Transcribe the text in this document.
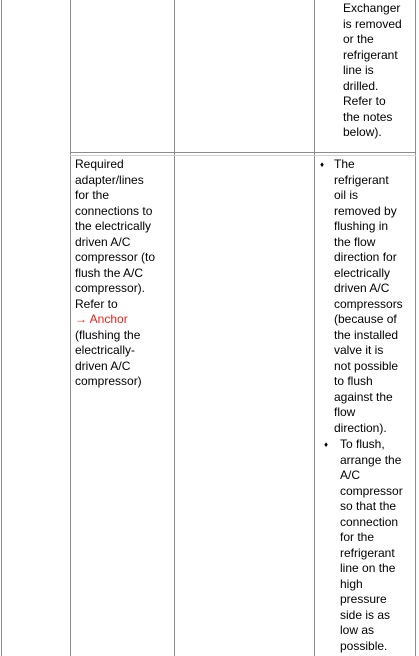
Exchanger
is removed
or the
refrigerant
line is
drilled.
Refer to
the notes
below).
Required
adapter/lines
for the
connections to
the electrically
driven A/C
compressor (to
flush the A/C
compressor).
Refer to
→ Anchor
(flushing the
electrically-
driven A/C
compressor)
♦ The
refrigerant
oil is
removed by
flushing in
the flow
direction for
electrically
driven A/C
compressors
(because of
the installed
valve it is
not possible
to flush
against the
flow
direction).
♦ To flush,
arrange the
A/C
compressor
so that the
connection
for the
refrigerant
line on the
high
pressure
side is as
low as
possible.
